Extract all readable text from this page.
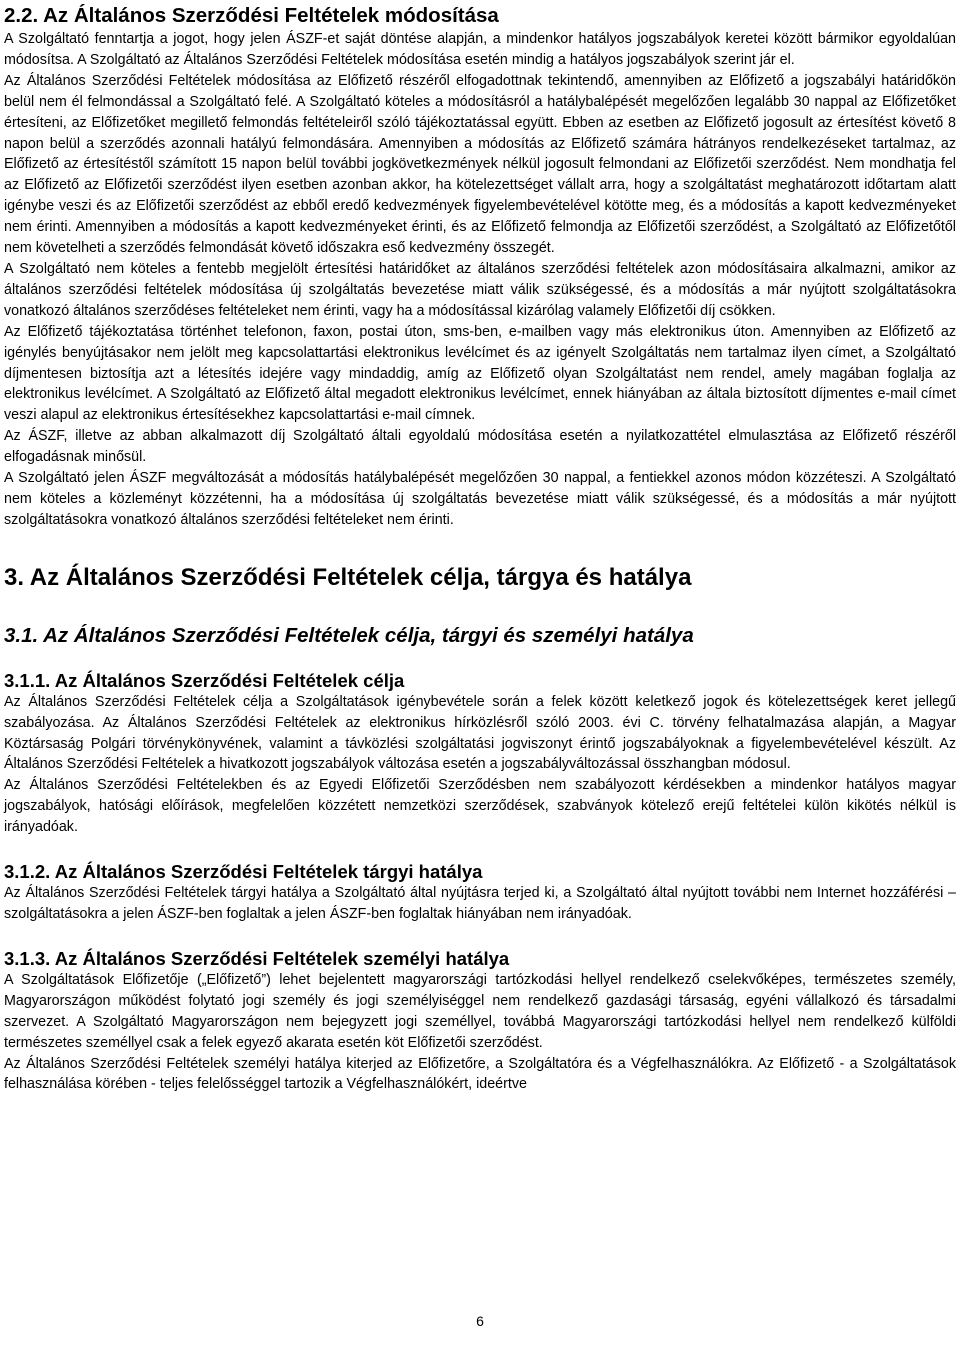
2.2. Az Általános Szerződési Feltételek módosítása

A Szolgáltató fenntartja a jogot, hogy jelen ÁSZF-et saját döntése alapján, a mindenkor hatályos jogszabályok keretei között bármikor egyoldalúan módosítsa. A Szolgáltató az Általános Szerződési Feltételek módosítása esetén mindig a hatályos jogszabályok szerint jár el.

Az Általános Szerződési Feltételek módosítása az Előfizető részéről elfogadottnak tekintendő, amennyiben az Előfizető a jogszabályi határidőkön belül nem él felmondással a Szolgáltató felé. A Szolgáltató köteles a módosításról a hatálybalépését megelőzően legalább 30 nappal az Előfizetőket értesíteni, az Előfizetőket megillető felmondás feltételeiről szóló tájékoztatással együtt. Ebben az esetben az Előfizető jogosult az értesítést követő 8 napon belül a szerződés azonnali hatályú felmondására. Amennyiben a módosítás az Előfizető számára hátrányos rendelkezéseket tartalmaz, az Előfizető az értesítéstől számított 15 napon belül további jogkövetkezmények nélkül jogosult felmondani az Előfizetői szerződést. Nem mondhatja fel az Előfizető az Előfizetői szerződést ilyen esetben azonban akkor, ha kötelezettséget vállalt arra, hogy a szolgáltatást meghatározott időtartam alatt igénybe veszi és az Előfizetői szerződést az ebből eredő kedvezmények figyelembevételével kötötte meg, és a módosítás a kapott kedvezményeket nem érinti. Amennyiben a módosítás a kapott kedvezményeket érinti, és az Előfizető felmondja az Előfizetői szerződést, a Szolgáltató az Előfizetőtől nem követelheti a szerződés felmondását követő időszakra eső kedvezmény összegét.

A Szolgáltató nem köteles a fentebb megjelölt értesítési határidőket az általános szerződési feltételek azon módosításaira alkalmazni, amikor az általános szerződési feltételek módosítása új szolgáltatás bevezetése miatt válik szükségessé, és a módosítás a már nyújtott szolgáltatásokra vonatkozó általános szerződéses feltételeket nem érinti, vagy ha a módosítással kizárólag valamely Előfizetői díj csökken.

Az Előfizető tájékoztatása történhet telefonon, faxon, postai úton, sms-ben, e-mailben vagy más elektronikus úton. Amennyiben az Előfizető az igénylés benyújtásakor nem jelölt meg kapcsolattartási elektronikus levélcímet és az igényelt Szolgáltatás nem tartalmaz ilyen címet, a Szolgáltató díjmentesen biztosítja azt a létesítés idejére vagy mindaddig, amíg az Előfizető olyan Szolgáltatást nem rendel, amely magában foglalja az elektronikus levélcímet. A Szolgáltató az Előfizető által megadott elektronikus levélcímet, ennek hiányában az általa biztosított díjmentes e-mail címet veszi alapul az elektronikus értesítésekhez kapcsolattartási e-mail címnek.

Az ÁSZF, illetve az abban alkalmazott díj Szolgáltató általi egyoldalú módosítása esetén a nyilatkozattétel elmulasztása az Előfizető részéről elfogadásnak minősül.

A Szolgáltató jelen ÁSZF megváltozását a módosítás hatálybalépését megelőzően 30 nappal, a fentiekkel azonos módon közzéteszi. A Szolgáltató nem köteles a közleményt közzétenni, ha a módosítása új szolgáltatás bevezetése miatt válik szükségessé, és a módosítás a már nyújtott szolgáltatásokra vonatkozó általános szerződési feltételeket nem érinti.

3. Az Általános Szerződési Feltételek célja, tárgya és hatálya
3.1. Az Általános Szerződési Feltételek célja, tárgyi és személyi hatálya
3.1.1. Az Általános Szerződési Feltételek célja

Az Általános Szerződési Feltételek célja a Szolgáltatások igénybevétele során a felek között keletkező jogok és kötelezettségek keret jellegű szabályozása. Az Általános Szerződési Feltételek az elektronikus hírközlésről szóló 2003. évi C. törvény felhatalmazása alapján, a Magyar Köztársaság Polgári törvénykönyvének, valamint a távközlési szolgáltatási jogviszonyt érintő jogszabályoknak a figyelembevételével készült. Az Általános Szerződési Feltételek a hivatkozott jogszabályok változása esetén a jogszabályváltozással összhangban módosul.

Az Általános Szerződési Feltételekben és az Egyedi Előfizetői Szerződésben nem szabályozott kérdésekben a mindenkor hatályos magyar jogszabályok, hatósági előírások, megfelelően közzétett nemzetközi szerződések, szabványok kötelező erejű feltételei külön kikötés nélkül is irányadóak.

3.1.2. Az Általános Szerződési Feltételek tárgyi hatálya

Az Általános Szerződési Feltételek tárgyi hatálya a Szolgáltató által nyújtásra terjed ki, a Szolgáltató által nyújtott további nem Internet hozzáférési – szolgáltatásokra a jelen ÁSZF-ben foglaltak a jelen ÁSZF-ben foglaltak hiányában nem irányadóak.

3.1.3. Az Általános Szerződési Feltételek személyi hatálya

A Szolgáltatások Előfizetője („Előfizető”) lehet bejelentett magyarországi tartózkodási hellyel rendelkező cselekvőképes, természetes személy, Magyarországon működést folytató jogi személy és jogi személyiséggel nem rendelkező gazdasági társaság, egyéni vállalkozó és társadalmi szervezet. A Szolgáltató Magyarországon nem bejegyzett jogi személlyel, továbbá Magyarországi tartózkodási hellyel nem rendelkező külföldi természetes személlyel csak a felek egyező akarata esetén köt Előfizetői szerződést.

Az Általános Szerződési Feltételek személyi hatálya kiterjed az Előfizetőre, a Szolgáltatóra és a Végfelhasználókra. Az Előfizető - a Szolgáltatások felhasználása körében - teljes felelősséggel tartozik a Végfelhasználókért, ideértve

6
